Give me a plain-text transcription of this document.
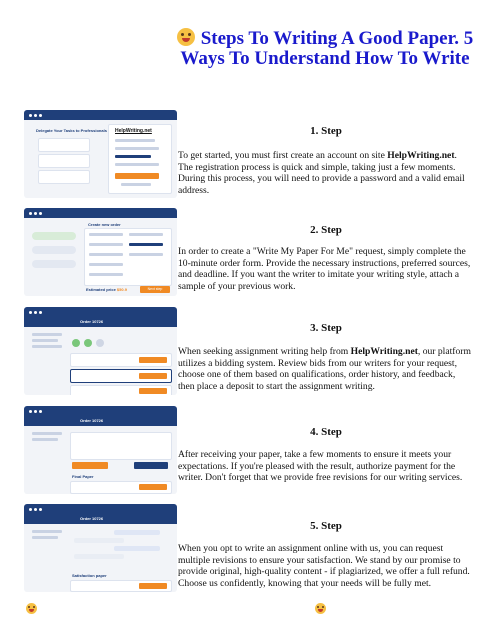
Steps To Writing A Good Paper. 5 Ways To Understand How To Write
Delegate Your Tasks to Professionals HelpWriting.net
Create new order
Estimated price $50.9	Next step
Order 10726
Order 10726
Final Paper
Order 10726
Satisfaction paper
1. Step
To get started, you must first create an account on site HelpWriting.net. The registration process is quick and simple, taking just a few moments. During this process, you will need to provide a password and a valid email address.
2. Step
In order to create a "Write My Paper For Me" request, simply complete the 10-minute order form. Provide the necessary instructions, preferred sources, and deadline. If you want the writer to imitate your writing style, attach a sample of your previous work.
3. Step
When seeking assignment writing help from HelpWriting.net, our platform utilizes a bidding system. Review bids from our writers for your request, choose one of them based on qualifications, order history, and feedback, then place a deposit to start the assignment writing.
4. Step
After receiving your paper, take a few moments to ensure it meets your expectations. If you're pleased with the result, authorize payment for the writer. Don't forget that we provide free revisions for our writing services.
5. Step
When you opt to write an assignment online with us, you can request multiple revisions to ensure your satisfaction. We stand by our promise to provide original, high-quality content - if plagiarized, we offer a full refund. Choose us confidently, knowing that your needs will be fully met.
